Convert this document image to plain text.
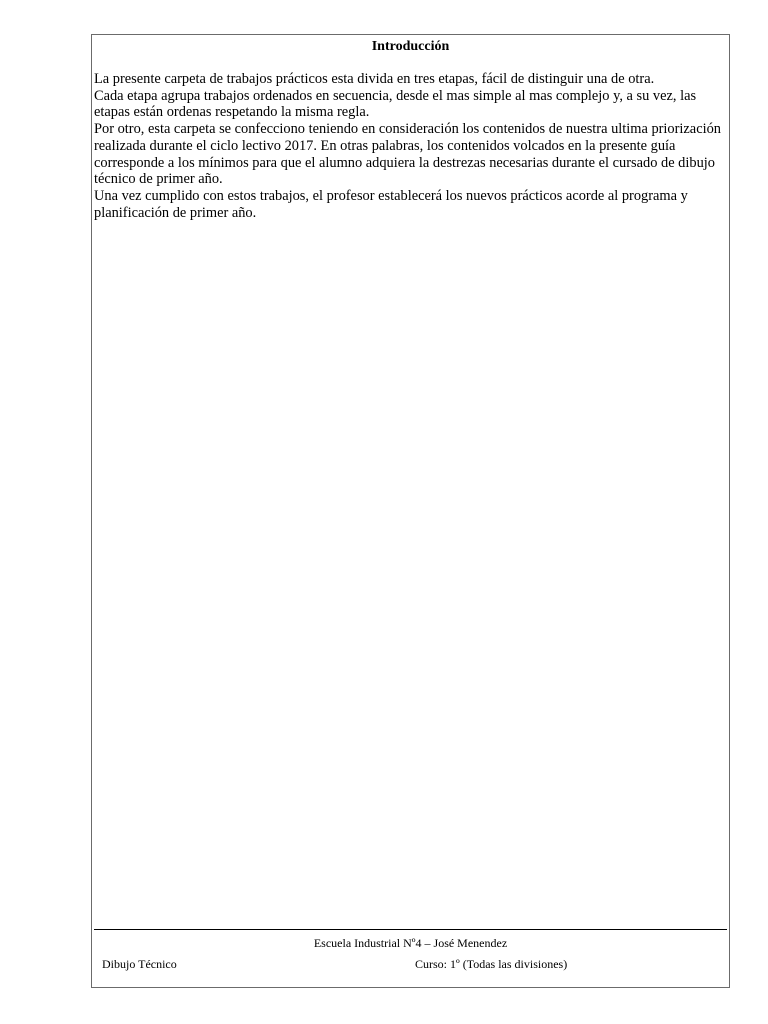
Introducción

La presente carpeta de trabajos prácticos esta divida en tres etapas, fácil de distinguir una de otra.

Cada etapa agrupa trabajos ordenados en secuencia, desde el mas simple al mas complejo y, a su vez, las etapas están ordenas respetando la misma regla.

Por otro, esta carpeta se confecciono teniendo en consideración los contenidos de nuestra ultima priorización realizada durante el ciclo lectivo 2017. En otras palabras, los contenidos volcados en la presente guía corresponde a los mínimos para que el alumno adquiera la destrezas necesarias durante el cursado de dibujo técnico de primer año.

Una vez cumplido con estos trabajos, el profesor establecerá los nuevos prácticos acorde al programa y planificación de primer año.

Escuela Industrial Nº4 – José Menendez
Dibujo Técnico	Curso: 1º (Todas las divisiones)
